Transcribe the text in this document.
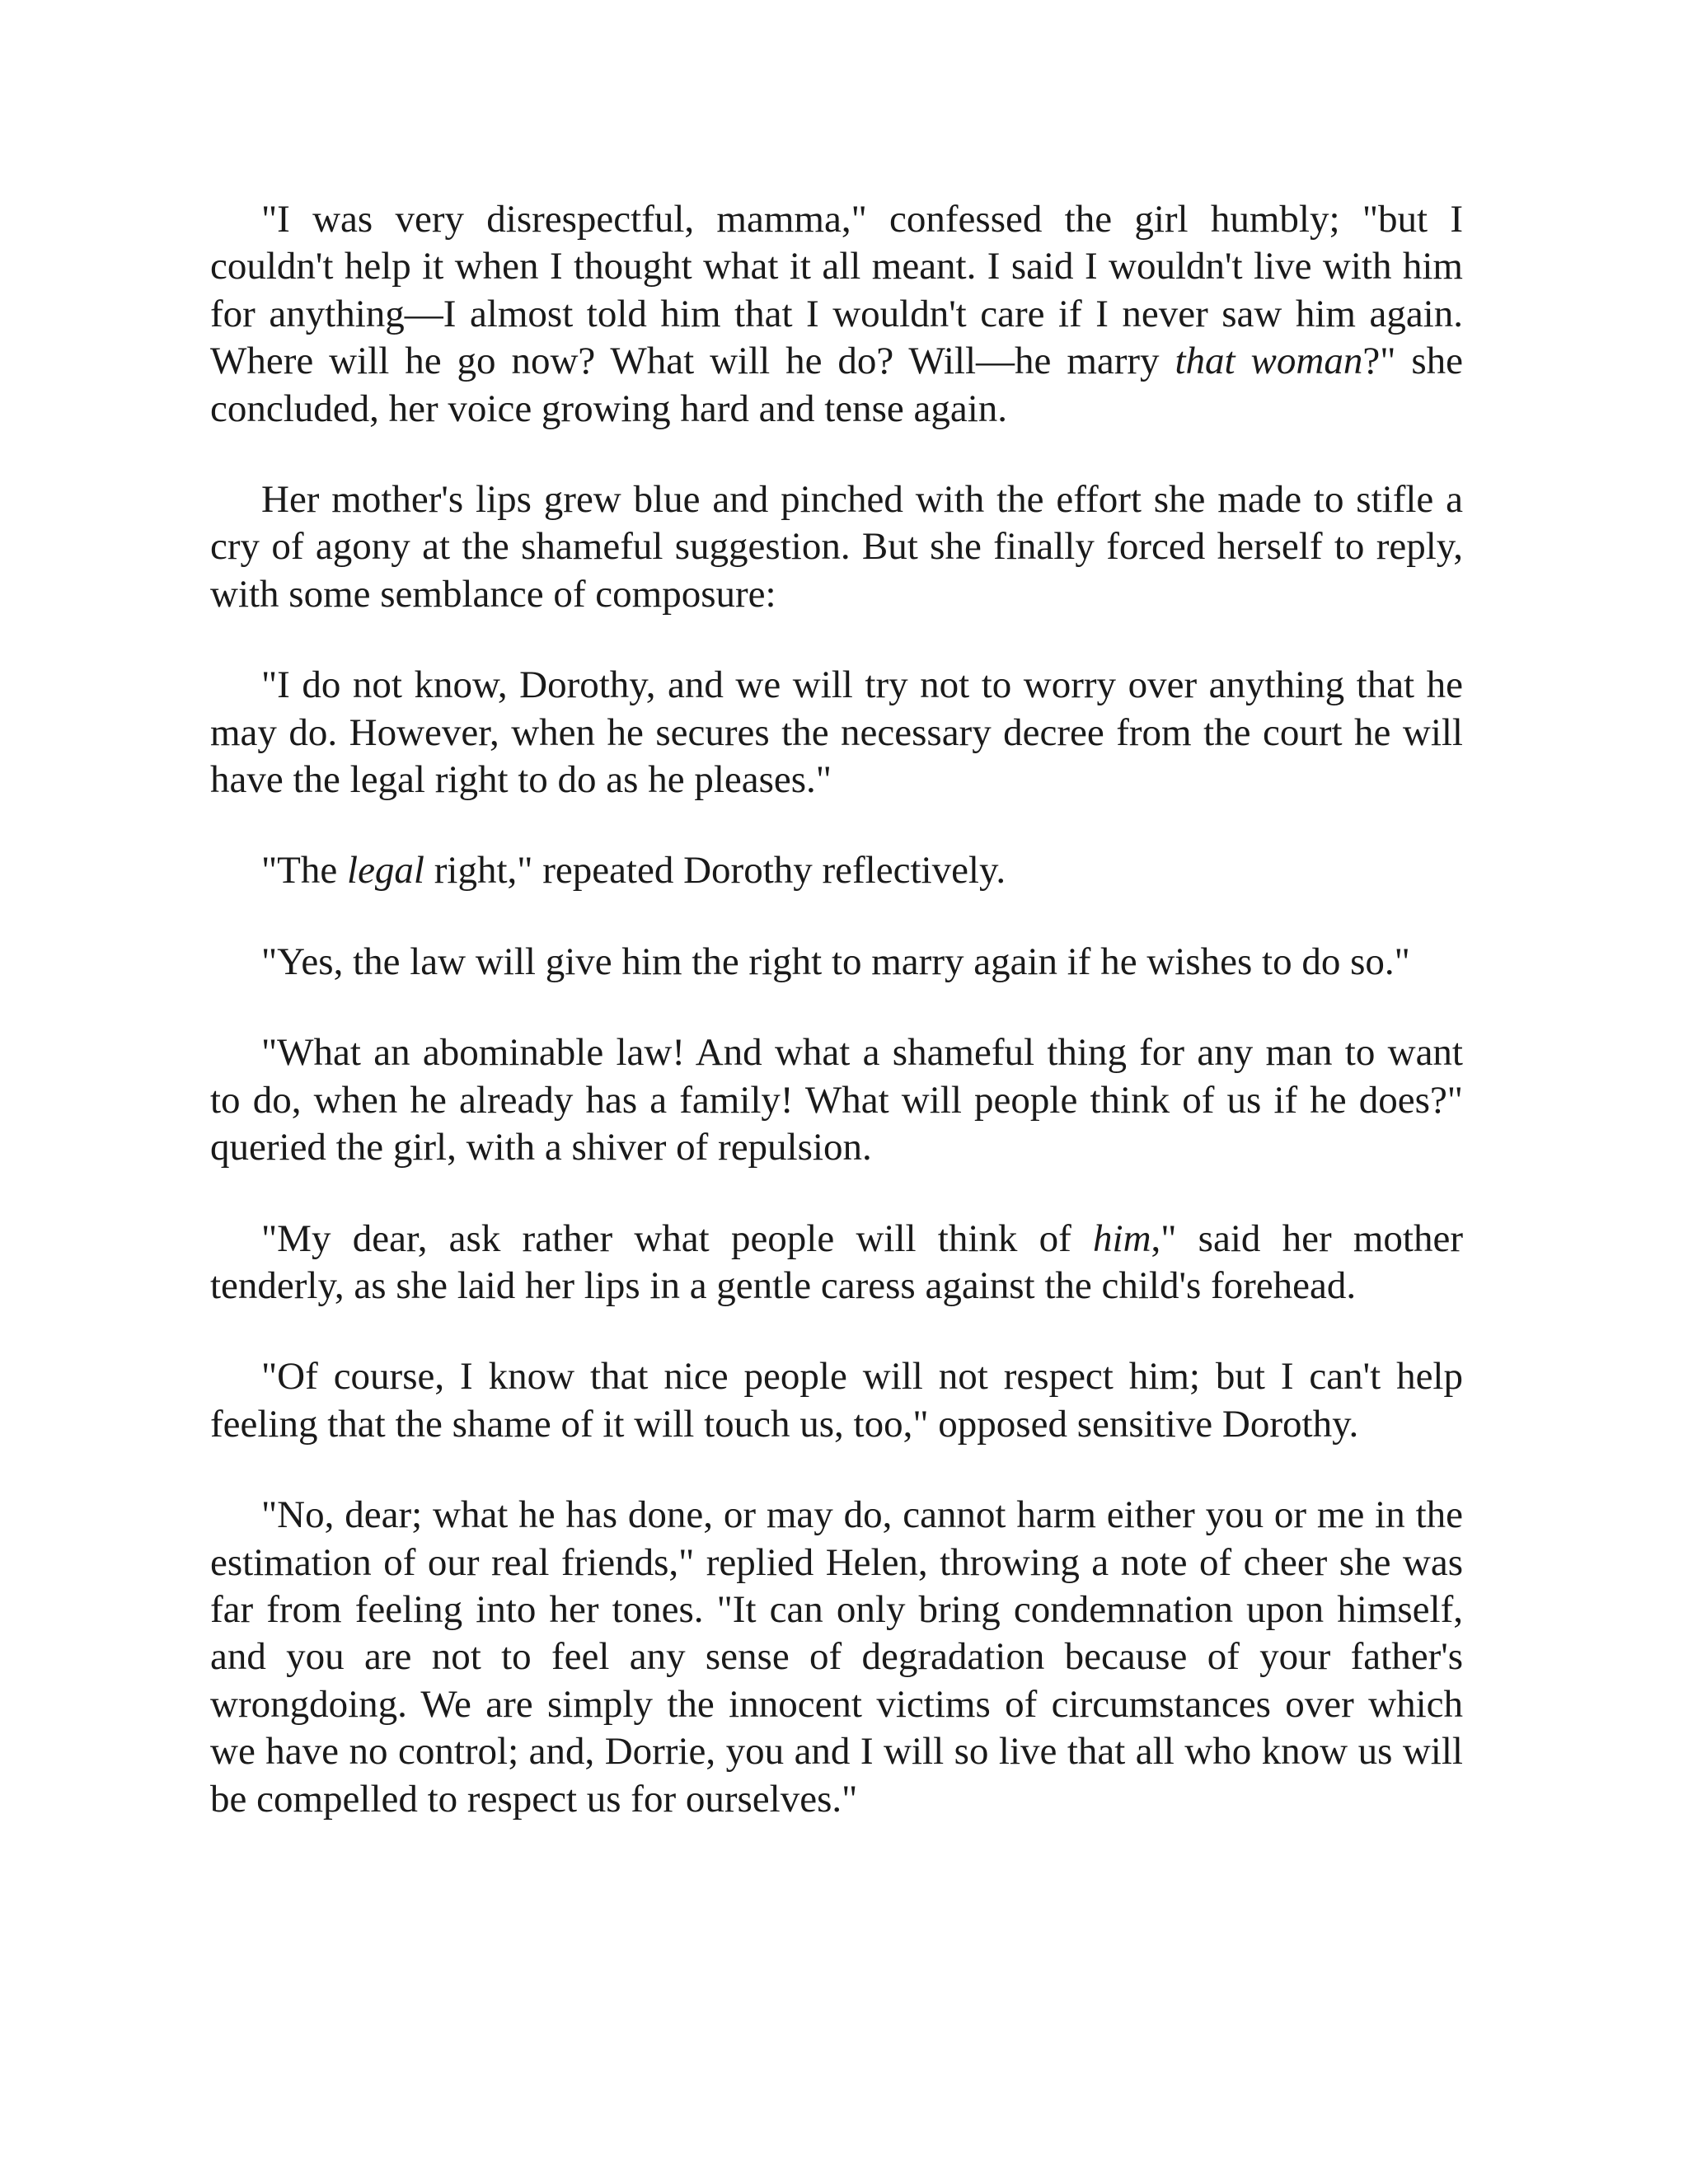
"I was very disrespectful, mamma," confessed the girl humbly; "but I couldn't help it when I thought what it all meant. I said I wouldn't live with him for anything—I almost told him that I wouldn't care if I never saw him again. Where will he go now? What will he do? Will—he marry that woman?" she concluded, her voice growing hard and tense again.

Her mother's lips grew blue and pinched with the effort she made to stifle a cry of agony at the shameful suggestion. But she finally forced herself to reply, with some semblance of composure:

"I do not know, Dorothy, and we will try not to worry over anything that he may do. However, when he secures the necessary decree from the court he will have the legal right to do as he pleases."

"The legal right," repeated Dorothy reflectively.

"Yes, the law will give him the right to marry again if he wishes to do so."

"What an abominable law! And what a shameful thing for any man to want to do, when he already has a family! What will people think of us if he does?" queried the girl, with a shiver of repulsion.

"My dear, ask rather what people will think of him," said her mother tenderly, as she laid her lips in a gentle caress against the child's forehead.

"Of course, I know that nice people will not respect him; but I can't help feeling that the shame of it will touch us, too," opposed sensitive Dorothy.

"No, dear; what he has done, or may do, cannot harm either you or me in the estimation of our real friends," replied Helen, throwing a note of cheer she was far from feeling into her tones. "It can only bring condemnation upon himself, and you are not to feel any sense of degradation because of your father's wrongdoing. We are simply the innocent victims of circumstances over which we have no control; and, Dorrie, you and I will so live that all who know us will be compelled to respect us for ourselves."
